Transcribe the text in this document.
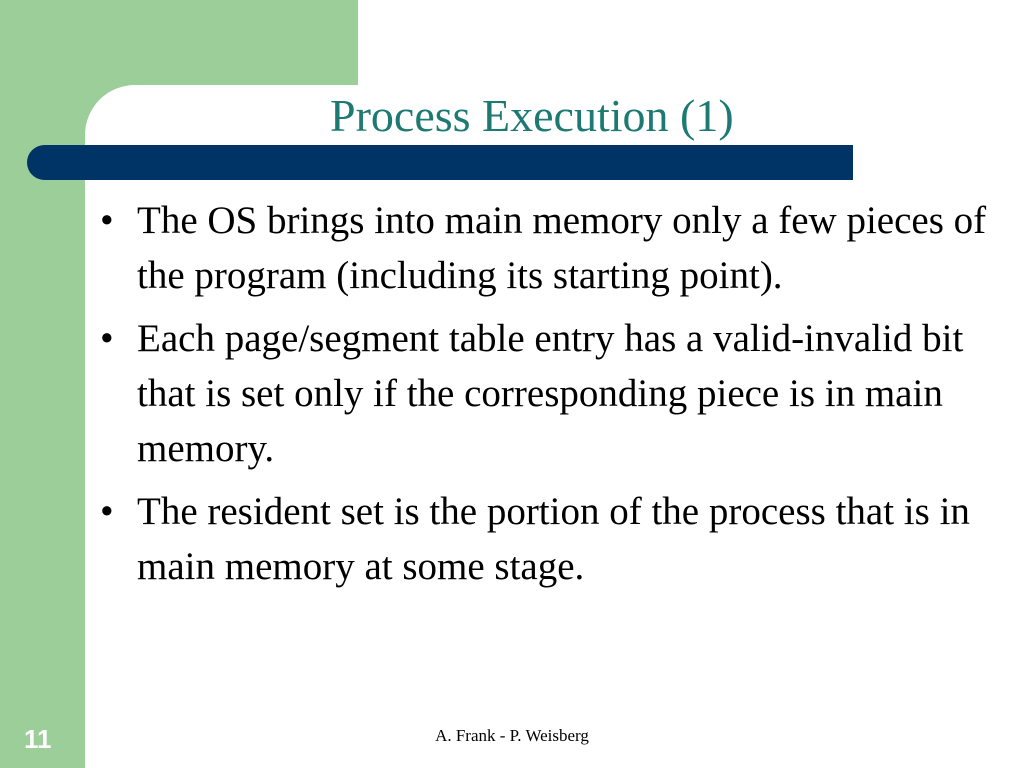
Process Execution (1)
• The OS brings into main memory only a few pieces of the program (including its starting point).
• Each page/segment table entry has a valid-invalid bit that is set only if the corresponding piece is in main memory.
• The resident set is the portion of the process that is in main memory at some stage.
11	A. Frank - P. Weisberg
